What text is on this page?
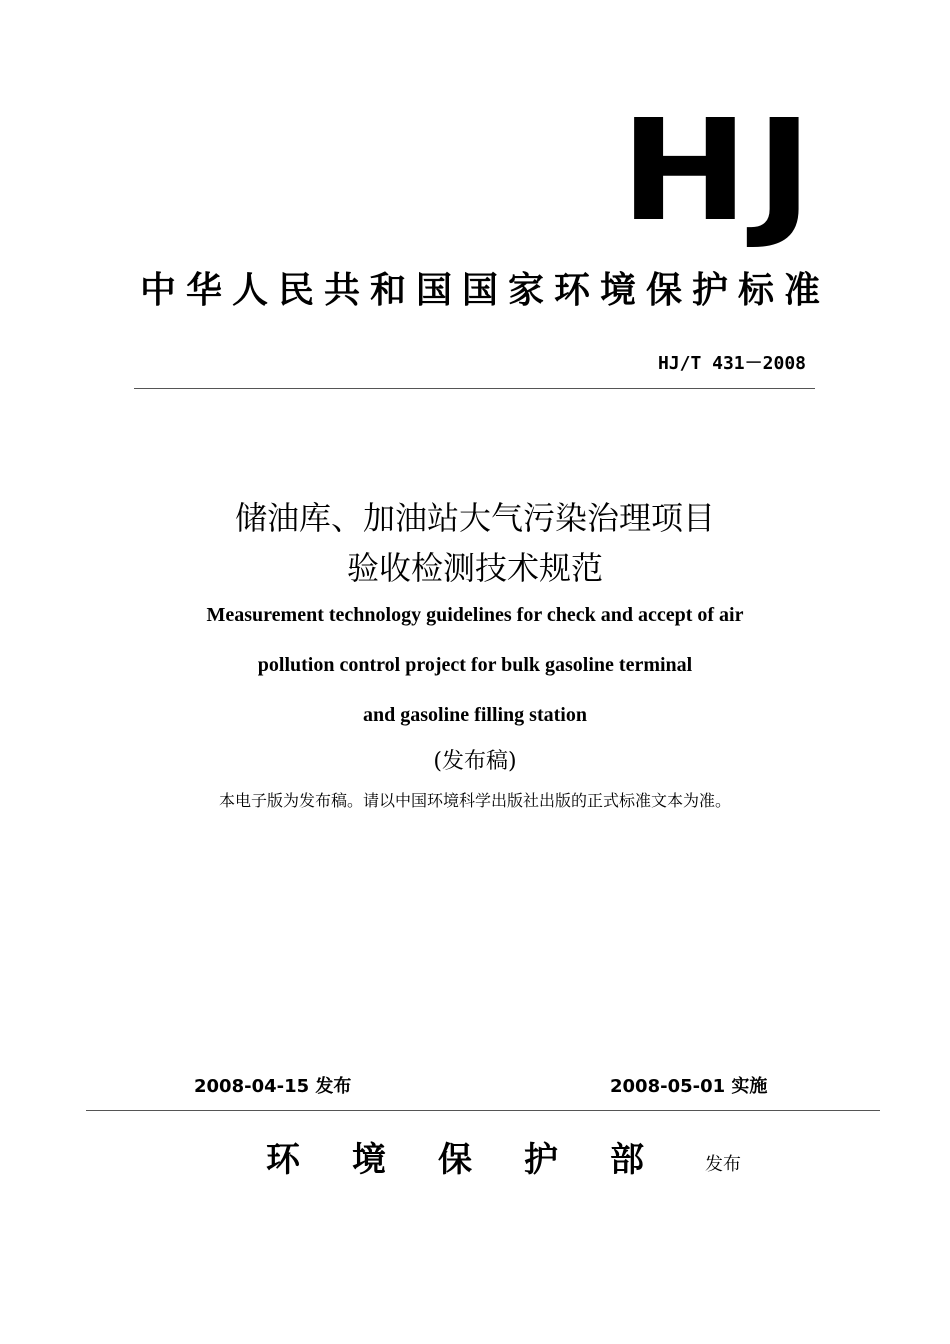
HJ
中华人民共和国国家环境保护标准
HJ/T 431－2008
储油库、加油站大气污染治理项目
验收检测技术规范
Measurement technology guidelines for check and accept of air
pollution control project for bulk gasoline terminal
and gasoline filling station
(发布稿)
本电子版为发布稿。请以中国环境科学出版社出版的正式标准文本为准。
2008-04-15 发布	2008-05-01 实施
环境保护部 发布
